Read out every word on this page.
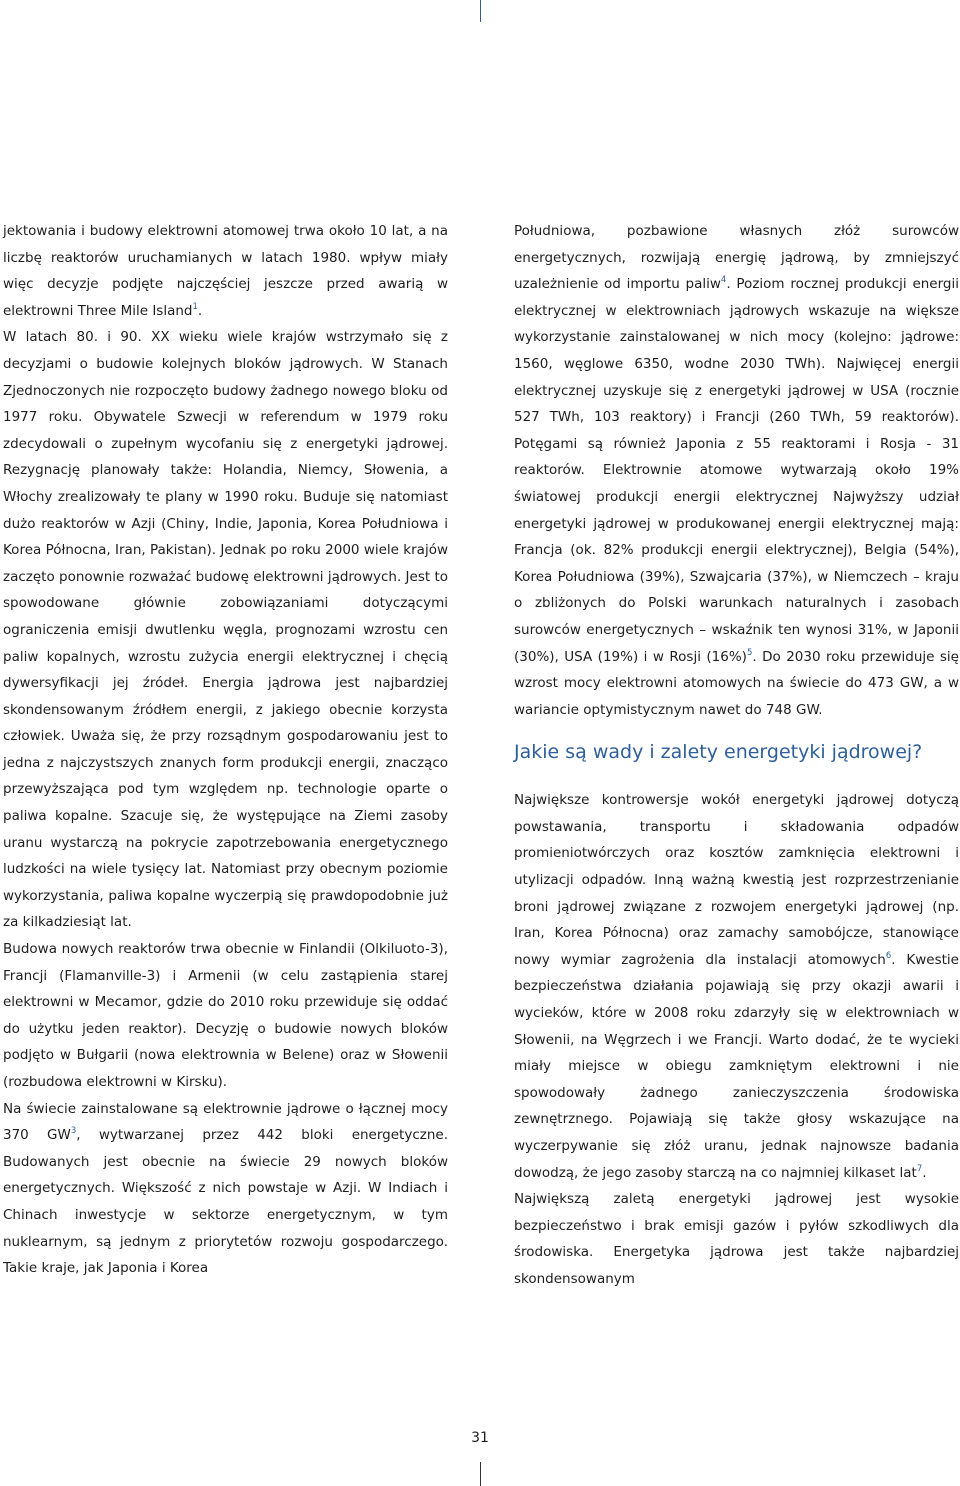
jektowania i budowy elektrowni atomowej trwa około 10 lat, a na liczbę reaktorów uruchamianych w latach 1980. wpływ miały więc decyzje podjęte najczęściej jeszcze przed awarią w elektrowni Three Mile Island$^1$.

W latach 80. i 90. XX wieku wiele krajów wstrzymało się z decyzjami o budowie kolejnych bloków jądrowych. W Stanach Zjednoczonych nie rozpoczęto budowy żadnego nowego bloku od 1977 roku. Obywatele Szwecji w referendum w 1979 roku zdecydowali o zupełnym wycofaniu się z energetyki jądrowej. Rezygnację planowały także: Holandia, Niemcy, Słowenia, a Włochy zrealizowały te plany w 1990 roku. Buduje się natomiast dużo reaktorów w Azji (Chiny, Indie, Japonia, Korea Południowa i Korea Północna, Iran, Pakistan). Jednak po roku 2000 wiele krajów zaczęto ponownie rozważać budowę elektrowni jądrowych. Jest to spowodowane głównie zobowiązaniami dotyczącymi ograniczenia emisji dwutlenku węgla, prognozami wzrostu cen paliw kopalnych, wzrostu zużycia energii elektrycznej i chęcią dywersyfikacji jej źródeł. Energia jądrowa jest najbardziej skondensowanym źródłem energii, z jakiego obecnie korzysta człowiek. Uważa się, że przy rozsądnym gospodarowaniu jest to jedna z najczystszych znanych form produkcji energii, znacząco przewyższająca pod tym względem np. technologie oparte o paliwa kopalne. Szacuje się, że występujące na Ziemi zasoby uranu wystarczą na pokrycie zapotrzebowania energetycznego ludzkości na wiele tysięcy lat. Natomiast przy obecnym poziomie wykorzystania, paliwa kopalne wyczerpią się prawdopodobnie już za kilkadziesiąt lat.

Budowa nowych reaktorów trwa obecnie w Finlandii (Olkiluoto-3), Francji (Flamanville-3) i Armenii (w celu zastąpienia starej elektrowni w Mecamor, gdzie do 2010 roku przewiduje się oddać do użytku jeden reaktor). Decyzję o budowie nowych bloków podjęto w Bułgarii (nowa elektrownia w Belene) oraz w Słowenii (rozbudowa elektrowni w Kirsku).

Na świecie zainstalowane są elektrownie jądrowe o łącznej mocy 370 $GW^3$, wytwarzanej przez 442 bloki energetyczne. Budowanych jest obecnie na świecie 29 nowych bloków energetycznych. Większość z nich powstaje w Azji. W Indiach i Chinach inwestycje w sektorze energetycznym, w tym nuklearnym, są jednym z priorytetów rozwoju gospodarczego. Takie kraje, jak Japonia i Korea

Południowa, pozbawione własnych złóż surowców energetycznych, rozwijają energię jądrową, by zmniejszyć uzależnienie od importu paliw$^4$. Poziom rocznej produkcji energii elektrycznej w elektrowniach jądrowych wskazuje na większe wykorzystanie zainstalowanej w nich mocy (kolejno: jądrowe: 1560, węglowe 6350, wodne 2030 TWh). Najwięcej energii elektrycznej uzyskuje się z energetyki jądrowej w USA (rocznie 527 TWh, 103 reaktory) i Francji (260 TWh, 59 reaktorów). Potęgami są również Japonia z 55 reaktorami i Rosja - 31 reaktorów. Elektrownie atomowe wytwarzają około 19% światowej produkcji energii elektrycznej Najwyższy udział energetyki jądrowej w produkowanej energii elektrycznej mają: Francja (ok. 82% produkcji energii elektrycznej), Belgia (54%), Korea Południowa (39%), Szwajcaria (37%), w Niemczech – kraju o zbliżonych do Polski warunkach naturalnych i zasobach surowców energetycznych – wskaźnik ten wynosi 31%, w Japonii (30%), USA (19%) i w Rosji $(16\%)^5$. Do 2030 roku przewiduje się wzrost mocy elektrowni atomowych na świecie do 473 GW, a w wariancie optymistycznym nawet do 748 GW.

Jakie są wady i zalety energetyki jądrowej?

Największe kontrowersje wokół energetyki jądrowej dotyczą powstawania, transportu i składowania odpadów promieniotwórczych oraz kosztów zamknięcia elektrowni i utylizacji odpadów. Inną ważną kwestią jest rozprzestrzenianie broni jądrowej związane z rozwojem energetyki jądrowej (np. Iran, Korea Północna) oraz zamachy samobójcze, stanowiące nowy wymiar zagrożenia dla instalacji atomowych$^6$. Kwestie bezpieczeństwa działania pojawiają się przy okazji awarii i wycieków, które w 2008 roku zdarzyły się w elektrowniach w Słowenii, na Węgrzech i we Francji. Warto dodać, że te wycieki miały miejsce w obiegu zamkniętym elektrowni i nie spowodowały żadnego zanieczyszczenia środowiska zewnętrznego. Pojawiają się także głosy wskazujące na wyczerpywanie się złóż uranu, jednak najnowsze badania dowodzą, że jego zasoby starczą na co najmniej kilkaset lat$^7$.

Największą zaletą energetyki jądrowej jest wysokie bezpieczeństwo i brak emisji gazów i pyłów szkodliwych dla środowiska. Energetyka jądrowa jest także najbardziej skondensowanym

31
